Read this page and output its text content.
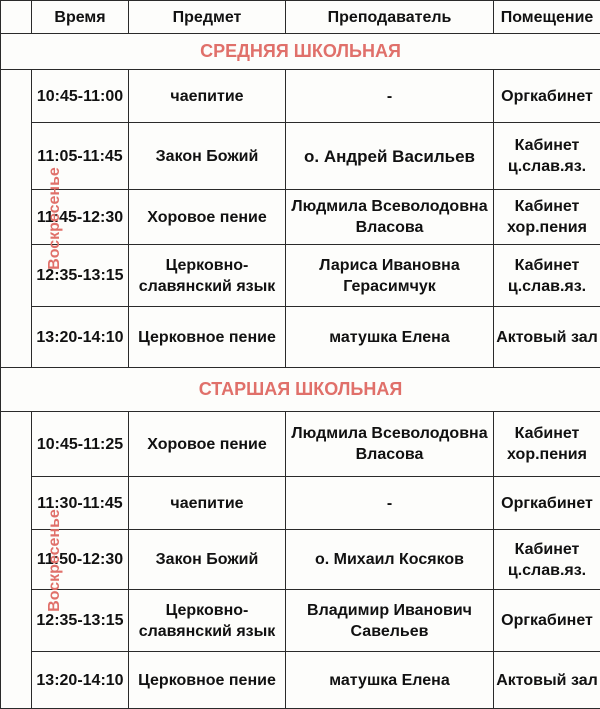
	Время	Предмет	Преподаватель	Помещение
СРЕДНЯЯ ШКОЛЬНАЯ				
Воскресенье	10:45-11:00	чаепитие	-	Оргкабинет
	11:05-11:45	Закон Божий	о. Андрей Васильев	Кабинет ц.слав.яз.
	11:45-12:30	Хоровое пение	Людмила Всеволодовна Власова	Кабинет хор.пения
	12:35-13:15	Церковно-славянский язык	Лариса Ивановна Герасимчук	Кабинет ц.слав.яз.
	13:20-14:10	Церковное пение	матушка Елена	Актовый зал
СТАРШАЯ ШКОЛЬНАЯ				
Воскресенье	10:45-11:25	Хоровое пение	Людмила Всеволодовна Власова	Кабинет хор.пения
	11:30-11:45	чаепитие	-	Оргкабинет
	11:50-12:30	Закон Божий	о. Михаил Косяков	Кабинет ц.слав.яз.
	12:35-13:15	Церковно-славянский язык	Владимир Иванович Савельев	Оргкабинет
	13:20-14:10	Церковное пение	матушка Елена	Актовый зал
